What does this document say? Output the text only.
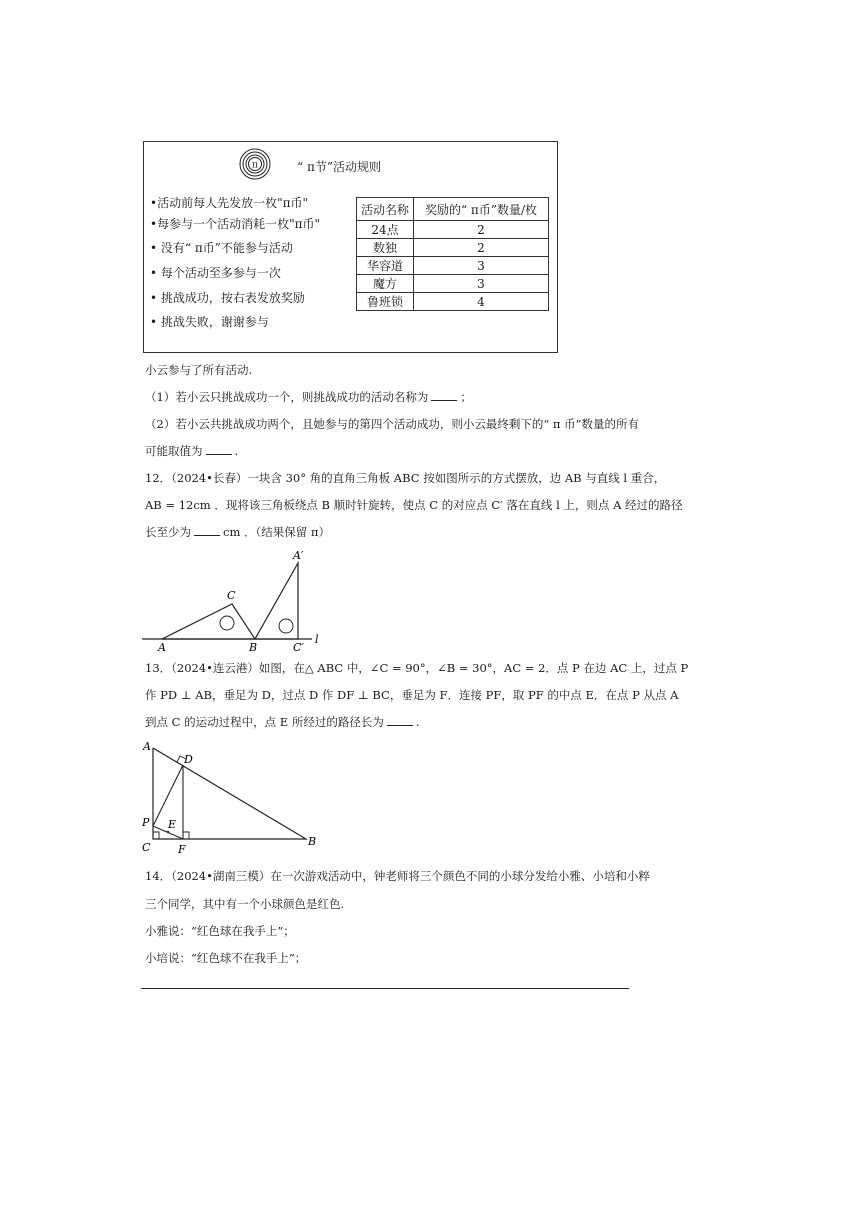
π	“ π节”活动规则
•活动前每人先发放一枚"π币"
•每参与一个活动消耗一枚"π币"
• 没有“ π币”不能参与活动
• 每个活动至多参与一次
• 挑战成功，按右表发放奖励
• 挑战失败，谢谢参与
活动名称	奖励的“ π币”数量/枚
24点	2
数独	2
华容道	3
魔方	3
鲁班锁	4
小云参与了所有活动.
（1）若小云只挑战成功一个，则挑战成功的活动名称为	；
（2）若小云共挑战成功两个，且她参与的第四个活动成功，则小云最终剩下的“ π 币”数量的所有
可能取值为	.
12．（2024•长春）一块含 30° 角的直角三角板 ABC 按如图所示的方式摆放，边 AB 与直线 l 重合，
AB = 12cm ．现将该三角板绕点 B 顺时针旋转，使点 C 的对应点 C′ 落在直线 l 上，则点 A 经过的路径
长至少为	cm ．（结果保留 π）
A	B
C
A′
C′
l
13．（2024•连云港）如图，在△ ABC 中，∠C = 90°，∠B = 30°，AC = 2．点 P 在边 AC 上，过点 P
作 PD ⊥ AB，垂足为 D，过点 D 作 DF ⊥ BC，垂足为 F．连接 PF，取 PF 的中点 E．在点 P 从点 A
到点 C 的运动过程中，点 E 所经过的路径长为	.
A
D
P E
C	F
B
14．（2024•湖南三模）在一次游戏活动中，钟老师将三个颜色不同的小球分发给小雅、小培和小粹
三个同学，其中有一个小球颜色是红色.
小雅说：“红色球在我手上”；
小培说：“红色球不在我手上”；
